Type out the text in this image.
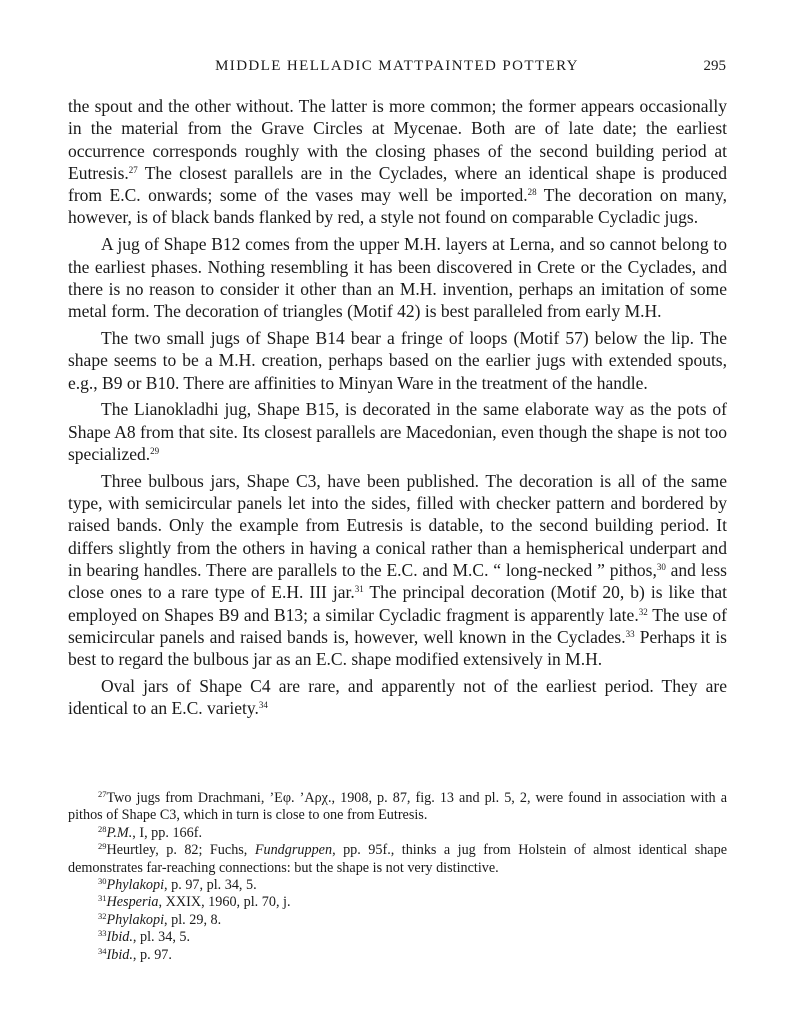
MIDDLE HELLADIC MATTPAINTED POTTERY	295

the spout and the other without. The latter is more common; the former appears occasionally in the material from the Grave Circles at Mycenae. Both are of late date; the earliest occurrence corresponds roughly with the closing phases of the second building period at Eutresis.$^{27}$ The closest parallels are in the Cyclades, where an identical shape is produced from E.C. onwards; some of the vases may well be imported.$^{28}$ The decoration on many, however, is of black bands flanked by red, a style not found on comparable Cycladic jugs.

A jug of Shape B12 comes from the upper M.H. layers at Lerna, and so cannot belong to the earliest phases. Nothing resembling it has been discovered in Crete or the Cyclades, and there is no reason to consider it other than an M.H. invention, perhaps an imitation of some metal form. The decoration of triangles (Motif 42) is best paralleled from early M.H.

The two small jugs of Shape B14 bear a fringe of loops (Motif 57) below the lip. The shape seems to be a M.H. creation, perhaps based on the earlier jugs with extended spouts, e.g., B9 or B10. There are affinities to Minyan Ware in the treatment of the handle.

The Lianokladhi jug, Shape B15, is decorated in the same elaborate way as the pots of Shape A8 from that site. Its closest parallels are Macedonian, even though the shape is not too specialized.$^{29}$

Three bulbous jars, Shape C3, have been published. The decoration is all of the same type, with semicircular panels let into the sides, filled with checker pattern and bordered by raised bands. Only the example from Eutresis is datable, to the second building period. It differs slightly from the others in having a conical rather than a hemispherical underpart and in bearing handles. There are parallels to the E.C. and M.C. “ long-necked ” pithos,$^{30}$ and less close ones to a rare type of E.H. III jar.$^{31}$ The principal decoration (Motif 20, b) is like that employed on Shapes B9 and B13; a similar Cycladic fragment is apparently late.$^{32}$ The use of semicircular panels and raised bands is, however, well known in the Cyclades.$^{33}$ Perhaps it is best to regard the bulbous jar as an E.C. shape modified extensively in M.H.

Oval jars of Shape C4 are rare, and apparently not of the earliest period. They are identical to an E.C. variety.$^{34}$

$^{27}$Two jugs from Drachmani, ’Εφ. ’Αρχ., 1908, p. 87, fig. 13 and pl. 5, 2, were found in association with a pithos of Shape C3, which in turn is close to one from Eutresis.

$^{28}$P.M., I, pp. 166f.

$^{29}$Heurtley, p. 82; Fuchs, Fundgruppen, pp. 95f., thinks a jug from Holstein of almost identical shape demonstrates far-reaching connections: but the shape is not very distinctive.

$^{30}$Phylakopi, p. 97, pl. 34, 5.

$^{31}$Hesperia, XXIX, 1960, pl. 70, j.

$^{32}$Phylakopi, pl. 29, 8.

$^{33}$Ibid., pl. 34, 5.

$^{34}$Ibid., p. 97.
